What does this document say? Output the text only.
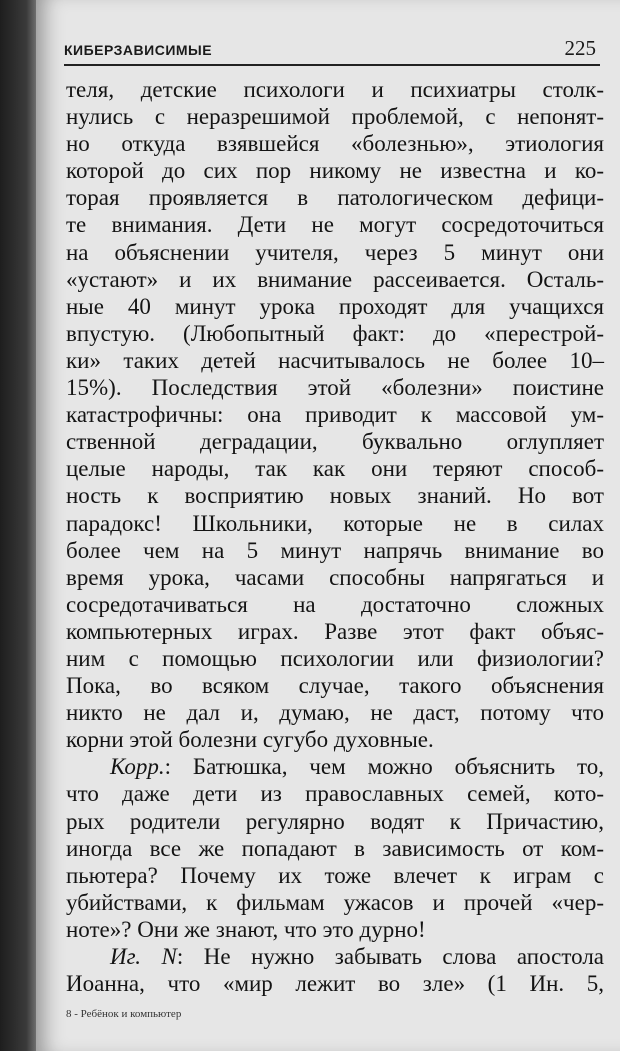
КИБЕРЗАВИСИМЫЕ	225
теля, детские психологи и психиатры столк-
нулись с неразрешимой проблемой, с непонят-
но откуда взявшейся «болезнью», этиология
которой до сих пор никому не известна и ко-
торая проявляется в патологическом дефици-
те внимания. Дети не могут сосредоточиться
на объяснении учителя, через 5 минут они
«устают» и их внимание рассеивается. Осталь-
ные 40 минут урока проходят для учащихся
впустую. (Любопытный факт: до «перестрой-
ки» таких детей насчитывалось не более 10–
15%). Последствия этой «болезни» поистине
катастрофичны: она приводит к массовой ум-
ственной деградации, буквально оглупляет
целые народы, так как они теряют способ-
ность к восприятию новых знаний. Но вот
парадокс! Школьники, которые не в силах
более чем на 5 минут напрячь внимание во
время урока, часами способны напрягаться и
сосредотачиваться на достаточно сложных
компьютерных играх. Разве этот факт объяс-
ним с помощью психологии или физиологии?
Пока, во всяком случае, такого объяснения
никто не дал и, думаю, не даст, потому что
корни этой болезни сугубо духовные.
Корр.: Батюшка, чем можно объяснить то,
что даже дети из православных семей, кото-
рых родители регулярно водят к Причастию,
иногда все же попадают в зависимость от ком-
пьютера? Почему их тоже влечет к играм с
убийствами, к фильмам ужасов и прочей «чер-
ноте»? Они же знают, что это дурно!
Иг. N: Не нужно забывать слова апостола
Иоанна, что «мир лежит во зле» (1 Ин. 5,
8 - Ребёнок и компьютер
